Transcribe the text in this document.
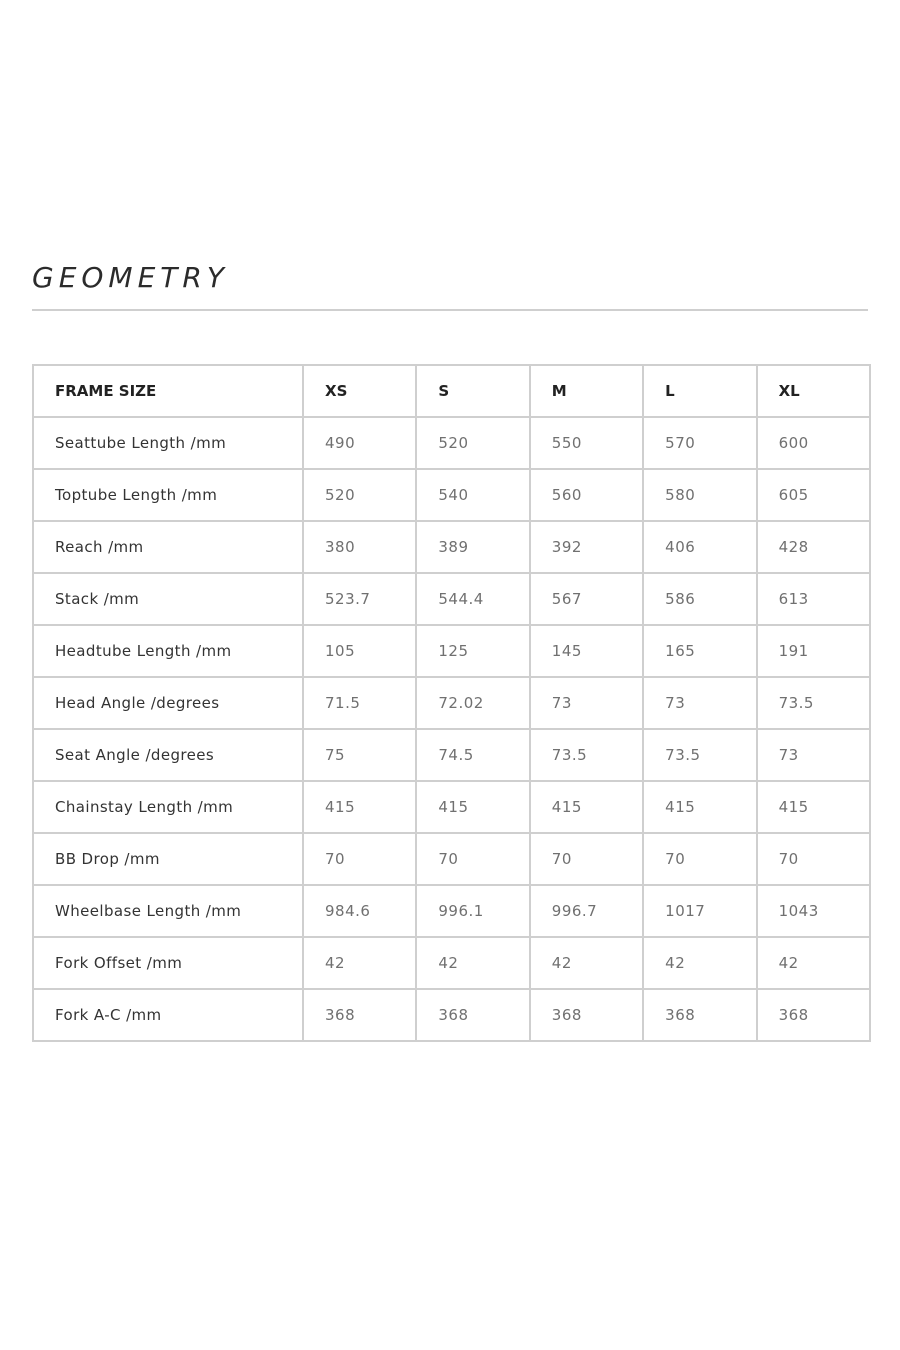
GEOMETRY
FRAME SIZE	XS	S	M	L	XL
Seattube Length /mm	490	520	550	570	600
Toptube Length /mm	520	540	560	580	605
Reach /mm	380	389	392	406	428
Stack /mm	523.7	544.4	567	586	613
Headtube Length /mm	105	125	145	165	191
Head Angle /degrees	71.5	72.02	73	73	73.5
Seat Angle /degrees	75	74.5	73.5	73.5	73
Chainstay Length /mm	415	415	415	415	415
BB Drop /mm	70	70	70	70	70
Wheelbase Length /mm	984.6	996.1	996.7	1017	1043
Fork Offset /mm	42	42	42	42	42
Fork A-C /mm	368	368	368	368	368
